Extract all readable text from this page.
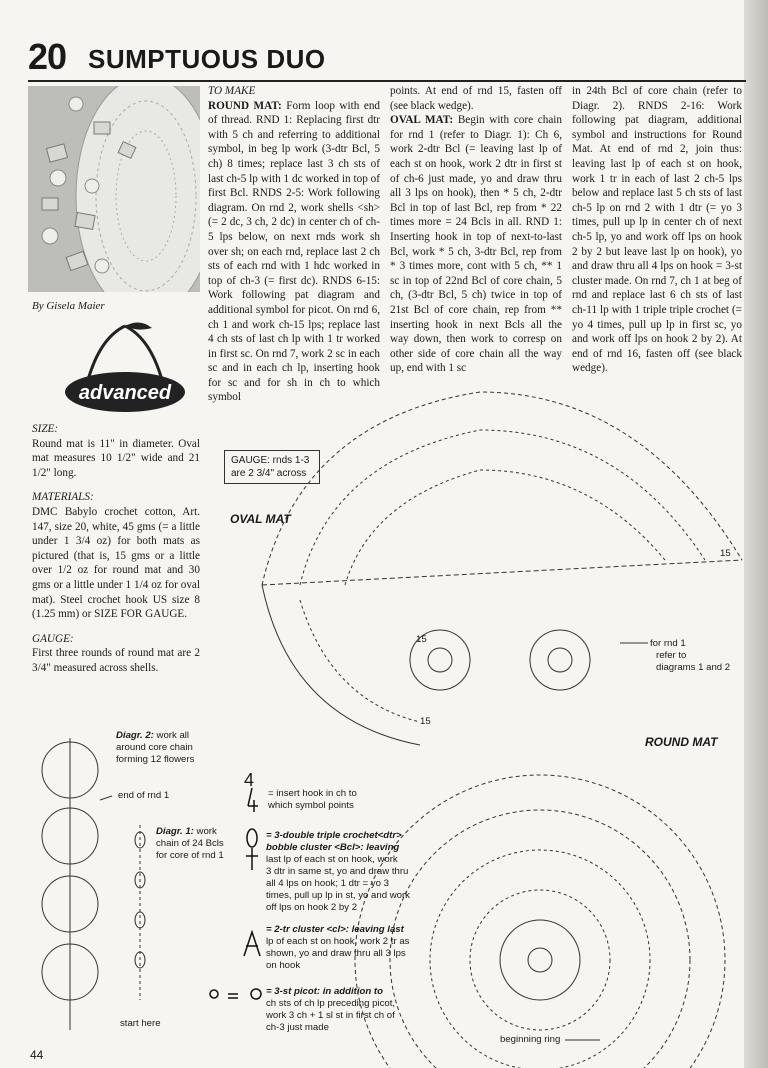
20 SUMPTUOUS DUO
By Gisela Maier
advanced

SIZE:

Round mat is 11" in diameter. Oval mat measures 10 1/2" wide and 21 1/2" long.

MATERIALS:

DMC Babylo crochet cotton, Art. 147, size 20, white, 45 gms (= a little under 1 3/4 oz) for both mats as pictured (that is, 15 gms or a little over 1/2 oz for round mat and 30 gms or a little under 1 1/4 oz for oval mat). Steel crochet hook US size 8 (1.25 mm) or SIZE FOR GAUGE.

GAUGE:

First three rounds of round mat are 2 3/4" measured across shells.

TO MAKE

ROUND MAT: Form loop with end of thread. RND 1: Replacing first dtr with 5 ch and referring to additional symbol, in beg lp work (3-dtr Bcl, 5 ch) 8 times; replace last 3 ch sts of last ch-5 lp with 1 dc worked in top of first Bcl. RNDS 2-5: Work following diagram. On rnd 2, work shells <sh> (= 2 dc, 3 ch, 2 dc) in center ch of ch-5 lps below, on next rnds work sh over sh; on each rnd, replace last 2 ch sts of each rnd with 1 hdc worked in top of ch-3 (= first dc). RNDS 6-15: Work following pat diagram and additional symbol for picot. On rnd 6, ch 1 and work ch-15 lps; replace last 4 ch sts of last ch lp with 1 tr worked in first sc. On rnd 7, work 2 sc in each sc and in each ch lp, inserting hook for sc and for sh in ch to which symbol

points. At end of rnd 15, fasten off (see black wedge).

OVAL MAT: Begin with core chain for rnd 1 (refer to Diagr. 1): Ch 6, work 2-dtr Bcl (= leaving last lp of each st on hook, work 2 dtr in first st of ch-6 just made, yo and draw thru all 3 lps on hook), then * 5 ch, 2-dtr Bcl in top of last Bcl, rep from * 22 times more = 24 Bcls in all. RND 1: Inserting hook in top of next-to-last Bcl, work * 5 ch, 3-dtr Bcl, rep from * 3 times more, cont with 5 ch, ** 1 sc in top of 22nd Bcl of core chain, 5 ch, (3-dtr Bcl, 5 ch) twice in top of 21st Bcl of core chain, rep from ** inserting hook in next Bcls all the way down, then work to corresp on other side of core chain all the way up, end with 1 sc

in 24th Bcl of core chain (refer to Diagr. 2). RNDS 2-16: Work following pat diagram, additional symbol and instructions for Round Mat. At end of rnd 2, join thus: leaving last lp of each st on hook, work 1 tr in each of last 2 ch-5 lps below and replace last 5 ch sts of last ch-5 lp on rnd 2 with 1 dtr (= yo 3 times, pull up lp in center ch of next ch-5 lp, yo and work off lps on hook 2 by 2 but leave last lp on hook), yo and draw thru all 4 lps on hook = 3-st cluster made. On rnd 7, ch 1 at beg of rnd and replace last 6 ch sts of last ch-11 lp with 1 triple triple crochet (= yo 4 times, pull up lp in first sc, yo and work off lps on hook 2 by 2). At end of rnd 16, fasten off (see black wedge).

GAUGE: rnds 1-3
are 2 3/4" across
OVAL MAT
ROUND MAT
for rnd 1
refer to
diagrams 1 and 2
beginning ring
end of rnd 1
start here
15
15
15
Diagr. 2: work all
around core chain
forming 12 flowers
Diagr. 1: work
chain of 24 Bcls
for core of rnd 1
4
= insert hook in ch to
which symbol points
= 3-double triple crochet<dtr>
bobble cluster <Bcl>: leaving
last lp of each st on hook, work
3 dtr in same st, yo and draw thru
all 4 lps on hook; 1 dtr = yo 3
times, pull up lp in st, yo and work
off lps on hook 2 by 2
= 2-tr cluster <cl>: leaving last
lp of each st on hook, work 2 tr as
shown, yo and draw thru all 3 lps
on hook
= 3-st picot: in addition to
ch sts of ch lp preceding picot,
work 3 ch + 1 sl st in first ch of
ch-3 just made
44
